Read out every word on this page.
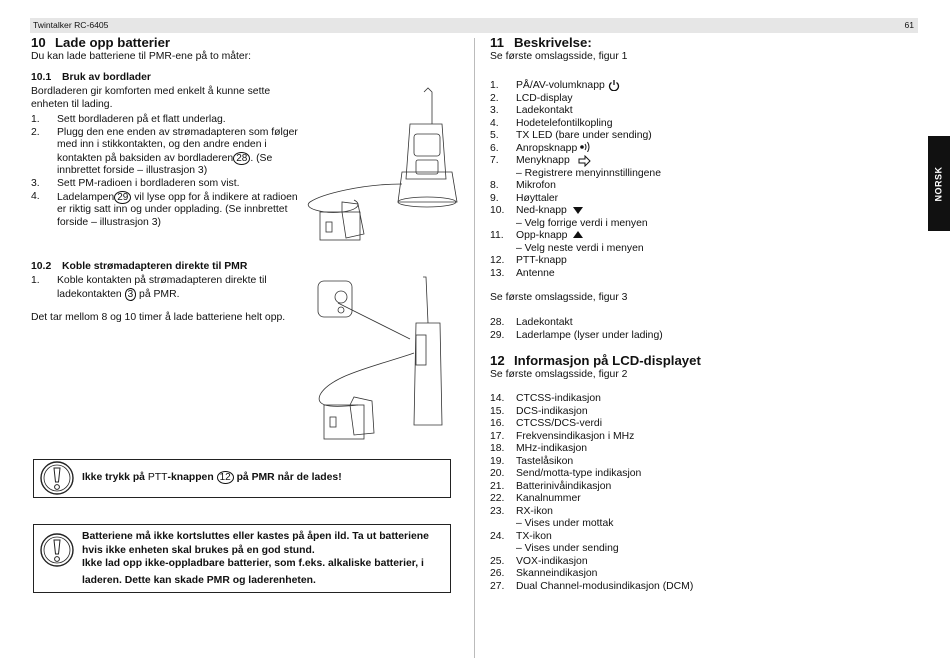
Twintalker RC-6405	61
NORSK
10 Lade opp batterier

Du kan lade batteriene til PMR-ene på to måter:

10.1 Bruk av bordlader

Bordladeren gir komforten med enkelt å kunne sette
enheten til lading.

1. Sett bordladeren på et flatt underlag.
2. Plugg den ene enden av strømadapteren som følger
med inn i stikkontakten, og den andre enden i
kontakten på baksiden av bordladeren 28 . (Se
innbrettet forside – illustrasjon 3)
3. Sett PM-radioen i bordladeren som vist.
4. Ladelampen 29 vil lyse opp for å indikere at radioen
er riktig satt inn og under opplading. (Se innbrettet
forside – illustrasjon 3)
10.2 Koble strømadapteren direkte til PMR
1. Koble kontakten på strømadapteren direkte til
ladekontakten 3 på PMR.

Det tar mellom 8 og 10 timer å lade batteriene helt opp.

Ikke trykk på PTT-knappen 12 på PMR når de lades!
Batteriene må ikke kortsluttes eller kastes på åpen ild. Ta ut batteriene
hvis ikke enheten skal brukes på en god stund.
Ikke lad opp ikke-oppladbare batterier, som f.eks. alkaliske batterier, i
laderen. Dette kan skade PMR og laderenheten.
11 Beskrivelse:

Se første omslagsside, figur 1

1. PÅ/AV-volumknapp
2. LCD-display
3. Ladekontakt
4. Hodetelefontilkopling
5. TX LED (bare under sending)
6. Anropsknapp
7. Menyknapp
– Registrere menyinnstillingene
8. Mikrofon
9. Høyttaler
10. Ned-knapp
– Velg forrige verdi i menyen
11. Opp-knapp
– Velg neste verdi i menyen
12. PTT-knapp
13. Antenne

Se første omslagsside, figur 3

28. Ladekontakt
29. Laderlampe (lyser under lading)
12 Informasjon på LCD-displayet

Se første omslagsside, figur 2

14. CTCSS-indikasjon
15. DCS-indikasjon
16. CTCSS/DCS-verdi
17. Frekvensindikasjon i MHz
18. MHz-indikasjon
19. Tastelåsikon
20. Send/motta-type indikasjon
21. Batterinivåindikasjon
22. Kanalnummer
23. RX-ikon
– Vises under mottak
24. TX-ikon
– Vises under sending
25. VOX-indikasjon
26. Skanneindikasjon
27. Dual Channel-modusindikasjon (DCM)
